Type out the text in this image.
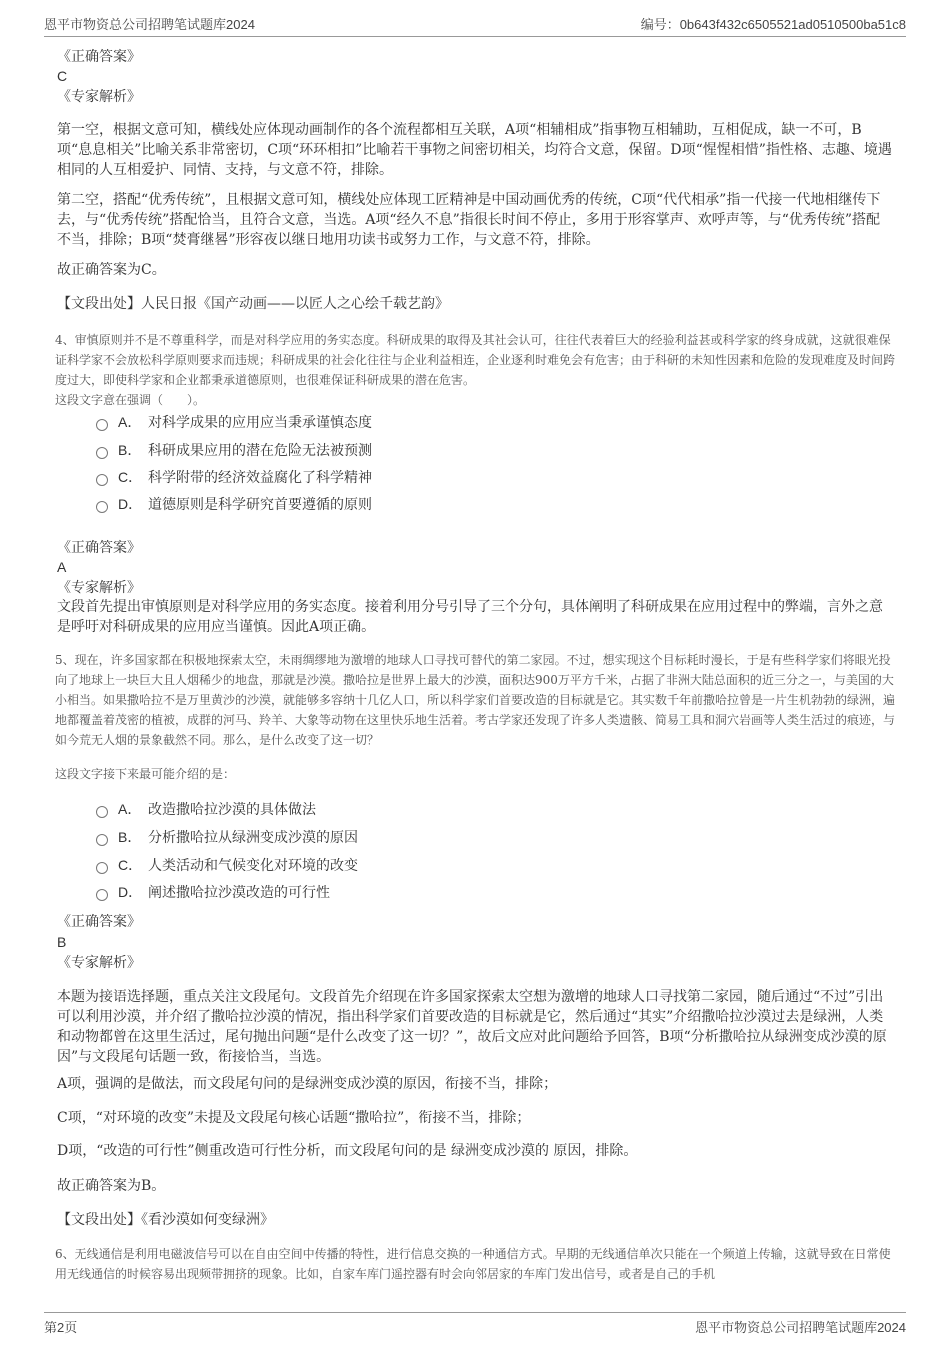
恩平市物资总公司招聘笔试题库2024	编号：0b643f432c6505521ad0510500ba51c8
《正确答案》
C
《专家解析》
第一空，根据文意可知，横线处应体现动画制作的各个流程都相互关联，A项“相辅相成”指事物互相辅助，互相促成，缺一不可，B项“息息相关”比喻关系非常密切，C项“环环相扣”比喻若干事物之间密切相关，均符合文意，保留。D项“惺惺相惜”指性格、志趣、境遇相同的人互相爱护、同情、支持，与文意不符，排除。
第二空，搭配“优秀传统”，且根据文意可知，横线处应体现工匠精神是中国动画优秀的传统，C项“代代相承”指一代接一代地相继传下去，与“优秀传统”搭配恰当，且符合文意，当选。A项“经久不息”指很长时间不停止，多用于形容掌声、欢呼声等，与“优秀传统”搭配不当，排除；B项“焚膏继晷”形容夜以继日地用功读书或努力工作，与文意不符，排除。
故正确答案为C。
【文段出处】人民日报《国产动画——以匠人之心绘千载艺韵》
4、审慎原则并不是不尊重科学，而是对科学应用的务实态度。科研成果的取得及其社会认可，往往代表着巨大的经验利益甚或科学家的终身成就，这就很难保证科学家不会放松科学原则要求而违规；科研成果的社会化往往与企业利益相连，企业逐利时难免会有危害；由于科研的未知性因素和危险的发现难度及时间跨度过大，即使科学家和企业都秉承道德原则，也很难保证科研成果的潜在危害。
这段文字意在强调（　　）。
A． 对科学成果的应用应当秉承谨慎态度
B． 科研成果应用的潜在危险无法被预测
C． 科学附带的经济效益腐化了科学精神
D． 道德原则是科学研究首要遵循的原则
《正确答案》
A
《专家解析》
文段首先提出审慎原则是对科学应用的务实态度。接着利用分号引导了三个分句，具体阐明了科研成果在应用过程中的弊端，言外之意是呼吁对科研成果的应用应当谨慎。因此A项正确。
5、现在，许多国家都在积极地探索太空，未雨绸缪地为激增的地球人口寻找可替代的第二家园。不过，想实现这个目标耗时漫长，于是有些科学家们将眼光投向了地球上一块巨大且人烟稀少的地盘，那就是沙漠。撒哈拉是世界上最大的沙漠，面积达900万平方千米，占据了非洲大陆总面积的近三分之一，与美国的大小相当。如果撒哈拉不是万里黄沙的沙漠，就能够多容纳十几亿人口，所以科学家们首要改造的目标就是它。其实数千年前撒哈拉曾是一片生机勃勃的绿洲，遍地都覆盖着茂密的植被，成群的河马、羚羊、大象等动物在这里快乐地生活着。考古学家还发现了许多人类遗骸、简易工具和洞穴岩画等人类生活过的痕迹，与如今荒无人烟的景象截然不同。那么，是什么改变了这一切？
这段文字接下来最可能介绍的是：
A． 改造撒哈拉沙漠的具体做法
B． 分析撒哈拉从绿洲变成沙漠的原因
C． 人类活动和气候变化对环境的改变
D． 阐述撒哈拉沙漠改造的可行性
《正确答案》
B
《专家解析》
本题为接语选择题，重点关注文段尾句。文段首先介绍现在许多国家探索太空想为激增的地球人口寻找第二家园，随后通过“不过”引出可以利用沙漠，并介绍了撒哈拉沙漠的情况，指出科学家们首要改造的目标就是它，然后通过“其实”介绍撒哈拉沙漠过去是绿洲，人类和动物都曾在这里生活过，尾句抛出问题“是什么改变了这一切？”，故后文应对此问题给予回答，B项“分析撒哈拉从绿洲变成沙漠的原因”与文段尾句话题一致，衔接恰当，当选。
A项，强调的是做法，而文段尾句问的是绿洲变成沙漠的原因，衔接不当，排除；
C项，“对环境的改变”未提及文段尾句核心话题“撒哈拉”，衔接不当，排除；
D项，“改造的可行性”侧重改造可行性分析，而文段尾句问的是 绿洲变成沙漠的 原因，排除。
故正确答案为B。
【文段出处】《看沙漠如何变绿洲》
6、无线通信是利用电磁波信号可以在自由空间中传播的特性，进行信息交换的一种通信方式。早期的无线通信单次只能在一个频道上传输，这就导致在日常使用无线通信的时候容易出现频带拥挤的现象。比如，自家车库门遥控器有时会向邻居家的车库门发出信号，或者是自己的手机
第2页	恩平市物资总公司招聘笔试题库2024
